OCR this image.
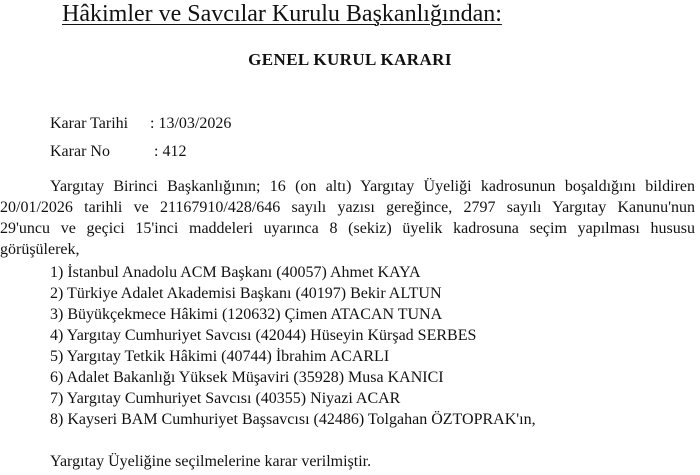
Hâkimler ve Savcılar Kurulu Başkanlığından:
GENEL KURUL KARARI
Karar Tarihi : 13/03/2026
Karar No	: 412
Yargıtay Birinci Başkanlığının; 16 (on altı) Yargıtay Üyeliği kadrosunun boşaldığını bildiren
20/01/2026 tarihli ve 21167910/428/646 sayılı yazısı gereğince, 2797 sayılı Yargıtay Kanunu'nun
29'uncu ve geçici 15'inci maddeleri uyarınca 8 (sekiz) üyelik kadrosuna seçim yapılması hususu
görüşülerek,
1) İstanbul Anadolu ACM Başkanı (40057) Ahmet KAYA
2) Türkiye Adalet Akademisi Başkanı (40197) Bekir ALTUN
3) Büyükçekmece Hâkimi (120632) Çimen ATACAN TUNA
4) Yargıtay Cumhuriyet Savcısı (42044) Hüseyin Kürşad SERBES
5) Yargıtay Tetkik Hâkimi (40744) İbrahim ACARLI
6) Adalet Bakanlığı Yüksek Müşaviri (35928) Musa KANICI
7) Yargıtay Cumhuriyet Savcısı (40355) Niyazi ACAR
8) Kayseri BAM Cumhuriyet Başsavcısı (42486) Tolgahan ÖZTOPRAK'ın,
Yargıtay Üyeliğine seçilmelerine karar verilmiştir.
